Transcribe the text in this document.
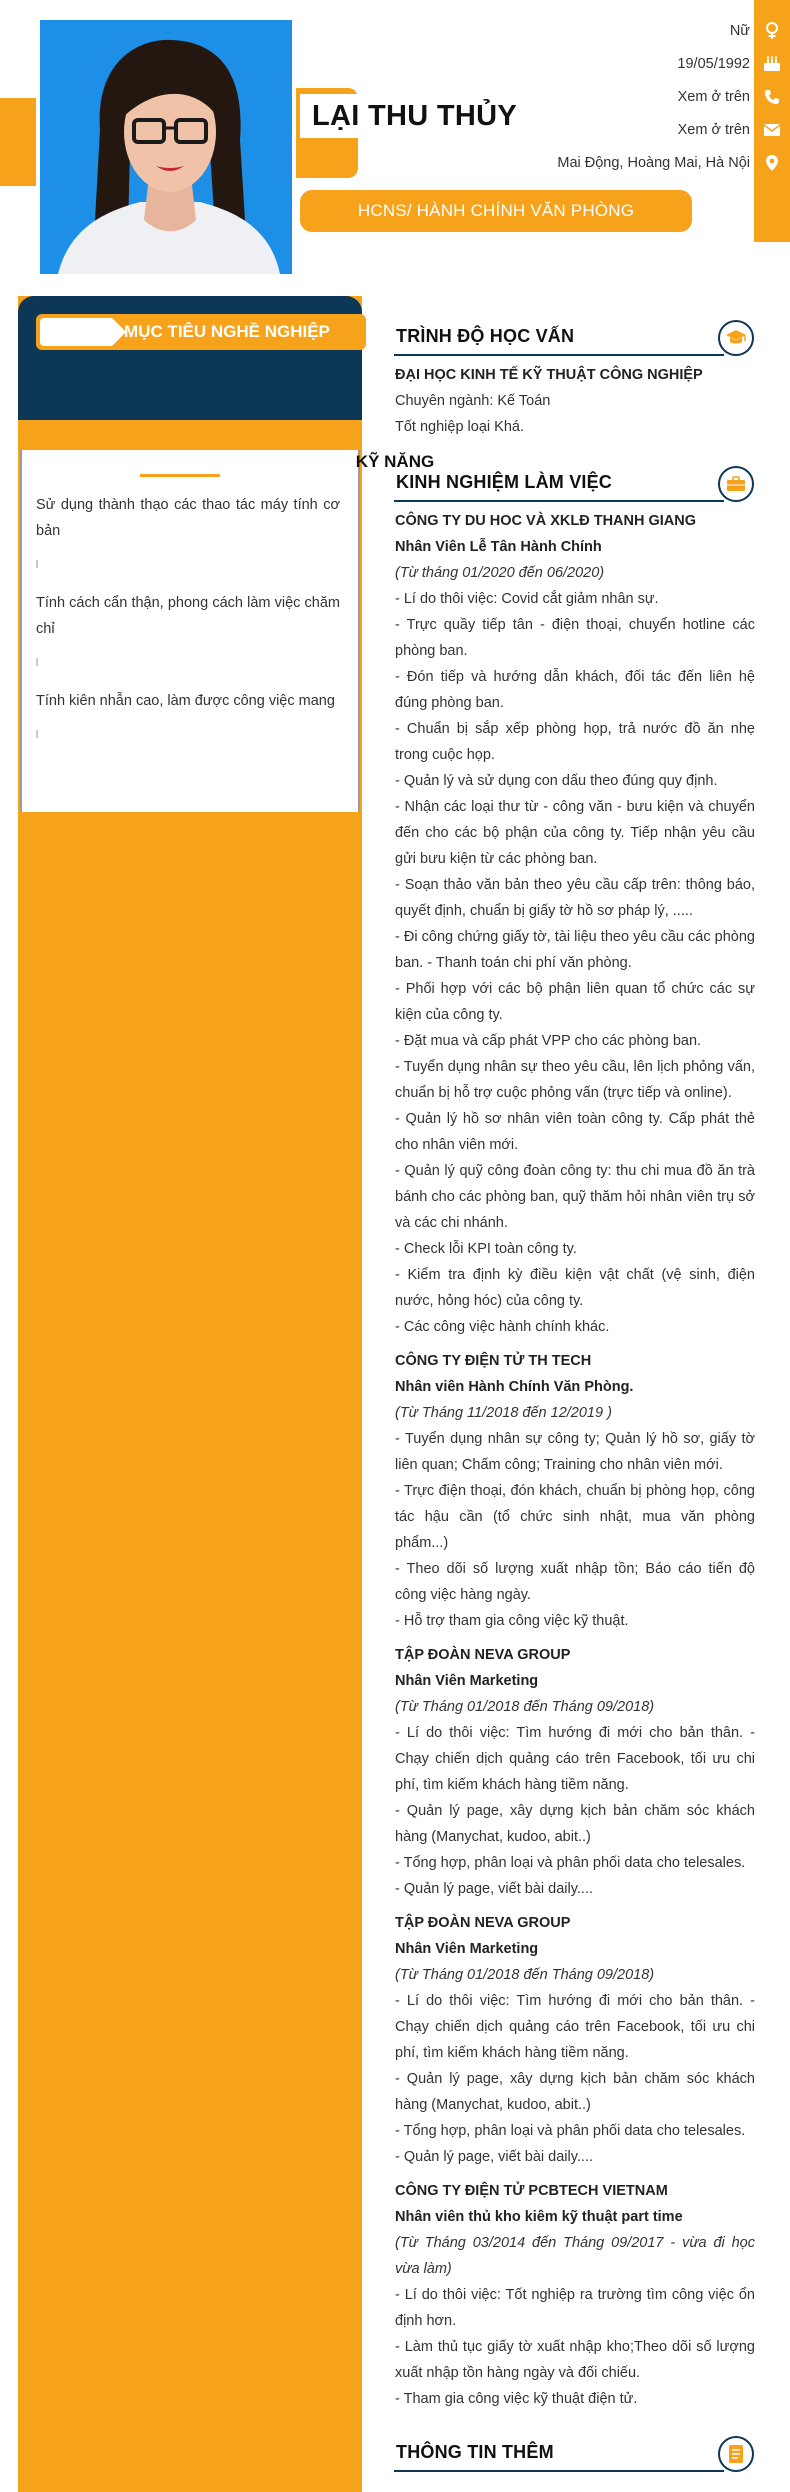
LẠI THU THỦY
HCNS/ HÀNH CHÍNH VĂN PHÒNG
Nữ
19/05/1992
Xem ở trên
Xem ở trên
Mai Động, Hoàng Mai, Hà Nội
MỤC TIÊU NGHỀ NGHIỆP
KỸ NĂNG
Sử dụng thành thạo các thao tác máy tính cơ bản
Tính cách cẩn thận, phong cách làm việc chăm chỉ
Tính kiên nhẫn cao, làm được công việc mang
TRÌNH ĐỘ HỌC VẤN

ĐẠI HỌC KINH TẾ KỸ THUẬT CÔNG NGHIỆP

Chuyên ngành: Kế Toán

Tốt nghiệp loại Khá.

KINH NGHIỆM LÀM VIỆC

CÔNG TY DU HOC VÀ XKLĐ THANH GIANG

Nhân Viên Lễ Tân Hành Chính

(Từ tháng 01/2020 đến 06/2020)

- Lí do thôi việc: Covid cắt giảm nhân sự.

- Trực quầy tiếp tân - điện thoại, chuyển hotline các phòng ban.

- Đón tiếp và hướng dẫn khách, đối tác đến liên hệ đúng phòng ban.

- Chuẩn bị sắp xếp phòng họp, trả nước đồ ăn nhẹ trong cuộc họp.

- Quản lý và sử dụng con dấu theo đúng quy định.

- Nhận các loại thư từ - công văn - bưu kiện và chuyển đến cho các bộ phận của công ty. Tiếp nhận yêu cầu gửi bưu kiện từ các phòng ban.

- Soạn thảo văn bản theo yêu cầu cấp trên: thông báo, quyết định, chuẩn bị giấy tờ hồ sơ pháp lý, .....

- Đi công chứng giấy tờ, tài liệu theo yêu cầu các phòng ban. - Thanh toán chi phí văn phòng.

- Phối hợp với các bộ phận liên quan tổ chức các sự kiện của công ty.

- Đặt mua và cấp phát VPP cho các phòng ban.

- Tuyển dụng nhân sự theo yêu cầu, lên lịch phỏng vấn, chuẩn bị hỗ trợ cuộc phỏng vấn (trực tiếp và online).

- Quản lý hồ sơ nhân viên toàn công ty. Cấp phát thẻ cho nhân viên mới.

- Quản lý quỹ công đoàn công ty: thu chi mua đồ ăn trà bánh cho các phòng ban, quỹ thăm hỏi nhân viên trụ sở và các chi nhánh.

- Check lỗi KPI toàn công ty.

- Kiểm tra định kỳ điều kiện vật chất (vệ sinh, điện nước, hỏng hóc) của công ty.

- Các công việc hành chính khác.

CÔNG TY ĐIỆN TỬ TH TECH

Nhân viên Hành Chính Văn Phòng.

(Từ Tháng 11/2018 đến 12/2019 )

- Tuyển dụng nhân sự công ty; Quản lý hồ sơ, giấy tờ liên quan; Chấm công; Training cho nhân viên mới.

- Trực điện thoại, đón khách, chuẩn bị phòng họp, công tác hậu cần (tổ chức sinh nhật, mua văn phòng phẩm...)

- Theo dõi số lượng xuất nhập tồn; Báo cáo tiến độ công việc hàng ngày.

- Hỗ trợ tham gia công việc kỹ thuật.

TẬP ĐOÀN NEVA GROUP

Nhân Viên Marketing

(Từ Tháng 01/2018 đến Tháng 09/2018)

- Lí do thôi việc: Tìm hướng đi mới cho bản thân. - Chạy chiến dịch quảng cáo trên Facebook, tối ưu chi phí, tìm kiếm khách hàng tiềm năng.

- Quản lý page, xây dựng kịch bản chăm sóc khách hàng (Manychat, kudoo, abit..)

- Tổng hợp, phân loại và phân phối data cho telesales.

- Quản lý page, viết bài daily....

TẬP ĐOÀN NEVA GROUP

Nhân Viên Marketing

(Từ Tháng 01/2018 đến Tháng 09/2018)

- Lí do thôi việc: Tìm hướng đi mới cho bản thân. - Chạy chiến dịch quảng cáo trên Facebook, tối ưu chi phí, tìm kiếm khách hàng tiềm năng.

- Quản lý page, xây dựng kịch bản chăm sóc khách hàng (Manychat, kudoo, abit..)

- Tổng hợp, phân loại và phân phối data cho telesales.

- Quản lý page, viết bài daily....

CÔNG TY ĐIỆN TỬ PCBTECH VIETNAM

Nhân viên thủ kho kiêm kỹ thuật part time

(Từ Tháng 03/2014 đến Tháng 09/2017 - vừa đi học vừa làm)

- Lí do thôi việc: Tốt nghiệp ra trường tìm công việc ổn định hơn.

- Làm thủ tục giấy tờ xuất nhập kho;Theo dõi số lượng xuất nhập tồn hàng ngày và đối chiếu.

- Tham gia công việc kỹ thuật điện tử.

THÔNG TIN THÊM
